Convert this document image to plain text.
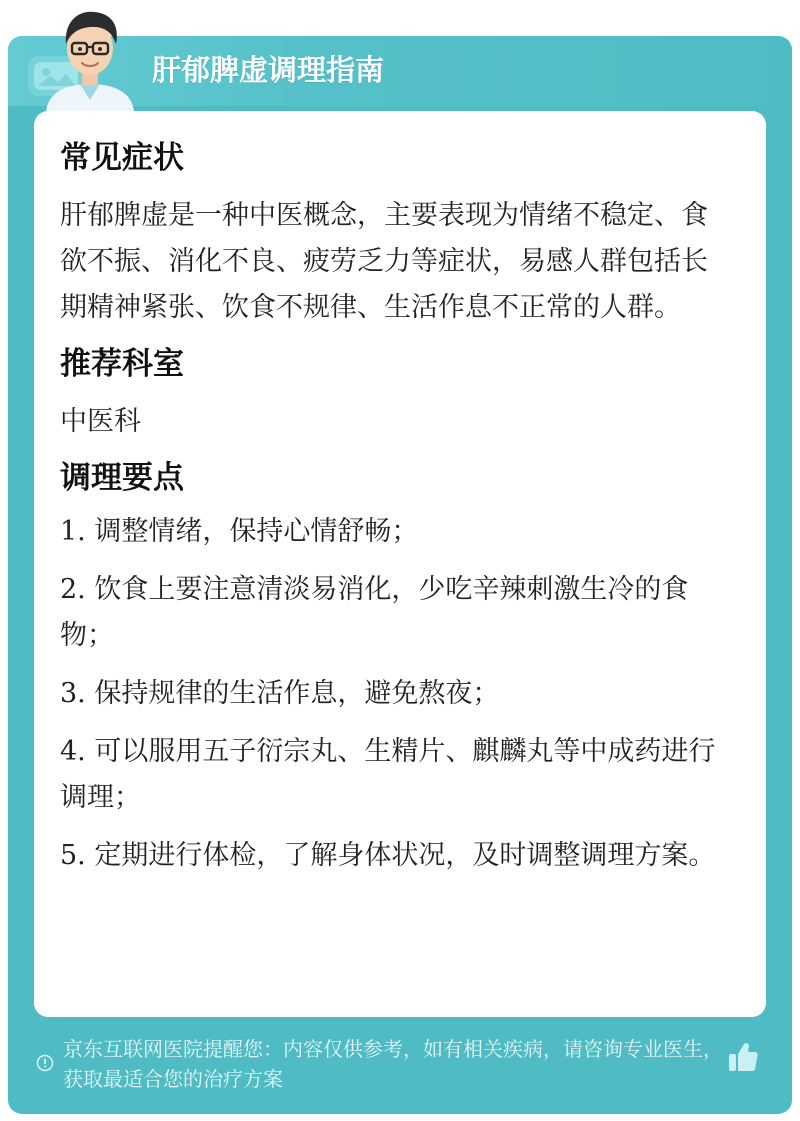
肝郁脾虚调理指南
常见症状
肝郁脾虚是一种中医概念，主要表现为情绪不稳定、食欲不振、消化不良、疲劳乏力等症状，易感人群包括长期精神紧张、饮食不规律、生活作息不正常的人群。
推荐科室
中医科
调理要点
1. 调整情绪，保持心情舒畅；
2. 饮食上要注意清淡易消化，少吃辛辣刺激生冷的食物；
3. 保持规律的生活作息，避免熬夜；
4. 可以服用五子衍宗丸、生精片、麒麟丸等中成药进行调理；
5. 定期进行体检，了解身体状况，及时调整调理方案。
京东互联网医院提醒您：内容仅供参考，如有相关疾病，请咨询专业医生，获取最适合您的治疗方案
